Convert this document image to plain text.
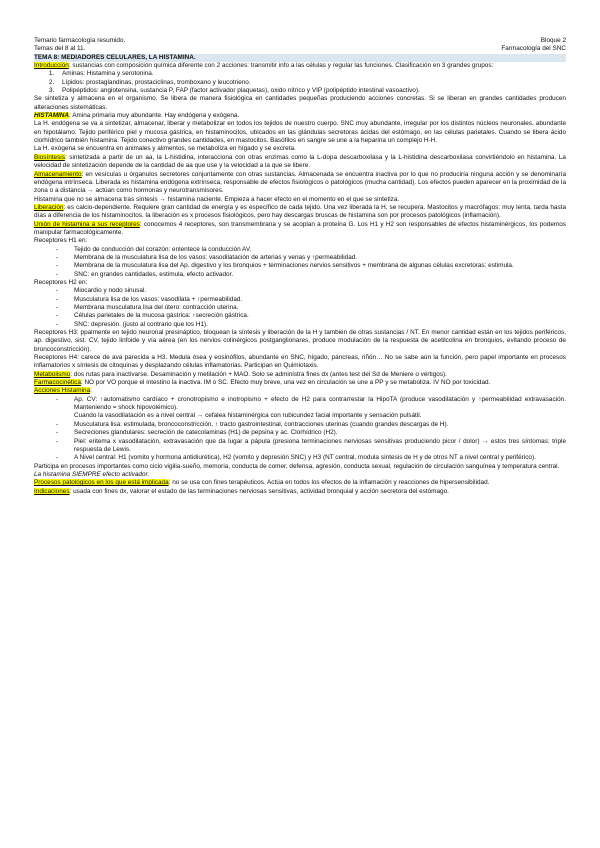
Temario farmacología resumido.	Bloque 2
Temas del 8 al 11.	Farmacología del SNC
TEMA 8: MEDIADORES CELULARES, LA HISTAMINA.

Introducción: sustancias con composición química diferente con 2 acciones: transmitir info a las células y regular las funciones. Clasificación en 3 grandes grupos:

1. Aminas: Histamina y serotonina.
2. Lípidos: prostaglandinas, prostaciclinas, tromboxano y leucotrieno.
3. Polipéptidos: angiotensina, sustancia P, FAP (factor activador plaquetas), oxido nítrico y VIP (polipéptido intestinal vasoactivo).

Se sintetiza y almacena en el organismo. Se libera de manera fisiológica en cantidades pequeñas produciendo acciones concretas. Si se liberan en grandes cantidades producen alteraciones sistemáticas.

HISTAMINA: Amina primaria muy abundante. Hay endógena y exógena.

La H. endógena se va a sintetizar, almacenar, liberar y metabolizar en todos los tejidos de nuestro cuerpo. SNC muy abundante, irregular por los distintos núcleos neuronales, abundante en hipotálamo. Tejido periférico piel y mucosa gástrica, en histaminocitos, ubicados en las glándulas secretoras ácidas del estómago, en las células parietales. Cuando se libera ácido clorhídrico también histamina. Tejido conectivo grandes cantidades, en mastocitos. Basófilos en sangre se une a la heparina un complejo H-H.

La H. exógena se encuentra en animales y alimentos, se metaboliza en hígado y se excreta.

Biosíntesis: sintetizada a partir de un aa, la L-histidina, interacciona con otras enzimas como la L-dopa descarboxilasa y la L-histidina descarboxilasa convirtiéndolo en histamina. La velocidad de sintetización depende de la cantidad de aa que use y la velocidad a la que se libere.

Almacenamiento: en vesículas u órganulos secretores conjuntamente con otras sustancias. Almacenada se encuentra inactiva por lo que no produciría ninguna acción y se denominaría endógena intrínseca. Liberada es histamina endógena extrínseca, responsable de efectos fisiológicos o patológicos (mucha cantidad). Los efectos pueden aparecer en la proximidad de la zona o a distancia → actúan como hormonas y neurotransmisores.

Histamina que no se almacena tras síntesis → histamina naciente. Empieza a hacer efecto en el momento en el que se sintetiza.

Liberación: es calcio-dependiente. Requiere gran cantidad de energía y es específico de cada tejido. Una vez liberada la H, se recupera. Mastocitos y macrófagos: muy lenta, tarda hasta días a diferencia de los histaminocitos. la liberación es x procesos fisiológicos, pero hay descargas bruscas de histamina son por procesos patológicos (inflamación).

Unión de histamina a sus receptores: conocemos 4 receptores, son transmembrana y se acoplan a proteína G. Los H1 y H2 son responsables de efectos histaminérgicos, los podemos manipular farmacológicamente.

Receptores H1 en:

- Tejido de conducción del corazón: enlentece la conducción AV.
- Membrana de la musculatura lisa de los vasos: vasodilatación de arterias y venas y ↑permeabilidad.
- Membrana de la musculatura lisa del Ap. digestivo y los bronquios + terminaciones nervios sensitivos + membrana de algunas células excretoras: estimula.
- SNC: en grandes cantidades, estimula, efecto activador.

Receptores H2 en:

- Miocardio y nodo sinusal.
- Musculatura lisa de los vasos: vasodilata + ↑permeabilidad.
- Membrana musculatura lisa del útero: contracción uterina.
- Células parietales de la mucosa gástrica: ↑secreción gástrica.
- SNC: depresión. (justo al contrario que los H1).

Receptores H3: ppalmente en tejido neuronal presináptico, bloquean la síntesis y liberación de la H y también de otras sustancias / NT. En menor cantidad están en los tejidos periféricos, ap. digestivo, sist. CV, tejido linfoide y vía aérea (en los nervios colinérgicos postganglionares, produce modulación de la respuesta de acetilcolina en bronquios, evitando proceso de broncoconstricción).

Receptores H4: carece de ava parecida a H3. Medula ósea y eosinófilos, abundante en SNC, hígado, páncreas, riñón… No se sabe aún la función, pero papel importante en procesos inflamatorios x síntesis de citoquinas y desplazando células inflamatorias. Participan en Quimiotaxis.

Metabolismo: dos rutas para inactivarse. Desaminación y metilación + MAO. Solo se administra fines dx (antes test del Sd de Meniere o vértigos).

Farmacocinética: NO por VO porque el intestino la inactiva. IM o SC. Efecto muy breve, una vez en circulación se une a PP y se metaboliza. IV NO por toxicidad.

Acciones Histamina:

- Ap. CV: ↑automatismo cardíaco + cronotropismo e inotropismo + efecto de H2 para contrarrestar la HipoTA (produce vasodilatación y ↑permeabilidad extravasación. Manteniendo = shock hipovolémico).
Cuando la vasodilatación es a nivel central → cefalea histaminérgica con rubicundez facial importante y sensación pulsátil.
- Musculatura lisa: estimulada, broncoconstricción, ↑ tracto gastrointestinal, contracciones uterinas (cuando grandes descargas de H).
- Secreciones glandulares: secreción de catecolaminas (H1) de pepsina y ac. Clorhídrico (H2).
- Piel: eritema x vasodilatación, extravasación que da lugar a pápula (presiona terminaciones nerviosas sensitivas produciendo picor / dolor) → estos tres síntomas: triple respuesta de Lewis.
- A Nivel central: H1 (vomito y hormona antidiurética), H2 (vomito y depresión SNC) y H3 (NT central, modula síntesis de H y de otros NT a nivel central y periférico).

Participa en procesos importantes como ciclo vigilia-sueño, memoria, conducta de comer, defensa, agresión, conducta sexual, regulación de circulación sanguínea y temperatura central.

La histamina SIEMPRE efecto activador.

Procesos patológicos en los que está implicada: no se usa con fines terapéuticos. Actúa en todos los efectos de la inflamación y reacciones de hipersensibilidad.

Indicaciones: usada con fines dx, valorar el estado de las terminaciones nerviosas sensitivas, actividad bronquial y acción secretora del estómago.
